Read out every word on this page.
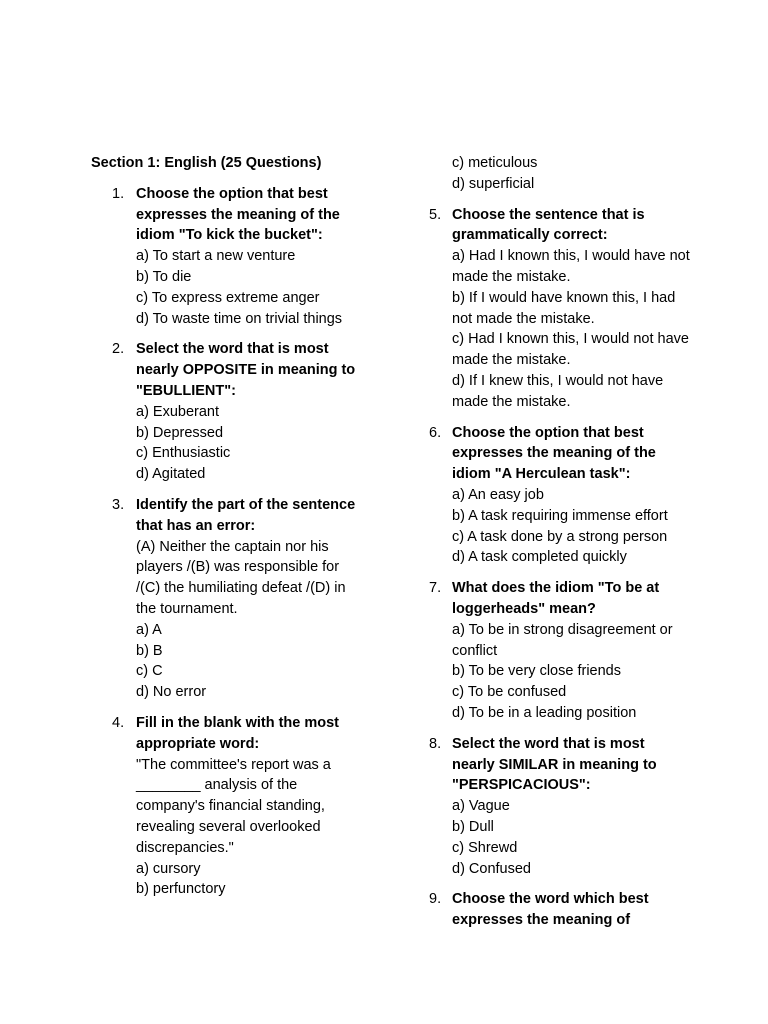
Section 1: English (25 Questions)
1. Choose the option that best expresses the meaning of the idiom "To kick the bucket":
a) To start a new venture
b) To die
c) To express extreme anger
d) To waste time on trivial things
2. Select the word that is most nearly OPPOSITE in meaning to "EBULLIENT":
a) Exuberant
b) Depressed
c) Enthusiastic
d) Agitated
3. Identify the part of the sentence that has an error:
(A) Neither the captain nor his players /(B) was responsible for /(C) the humiliating defeat /(D) in the tournament.
a) A
b) B
c) C
d) No error
4. Fill in the blank with the most appropriate word:
"The committee's report was a ________ analysis of the company's financial standing, revealing several overlooked discrepancies."
a) cursory
b) perfunctory
c) meticulous
d) superficial
5. Choose the sentence that is grammatically correct:
a) Had I known this, I would have not made the mistake.
b) If I would have known this, I had not made the mistake.
c) Had I known this, I would not have made the mistake.
d) If I knew this, I would not have made the mistake.
6. Choose the option that best expresses the meaning of the idiom "A Herculean task":
a) An easy job
b) A task requiring immense effort
c) A task done by a strong person
d) A task completed quickly
7. What does the idiom "To be at loggerheads" mean?
a) To be in strong disagreement or conflict
b) To be very close friends
c) To be confused
d) To be in a leading position
8. Select the word that is most nearly SIMILAR in meaning to "PERSPICACIOUS":
a) Vague
b) Dull
c) Shrewd
d) Confused
9. Choose the word which best expresses the meaning of
